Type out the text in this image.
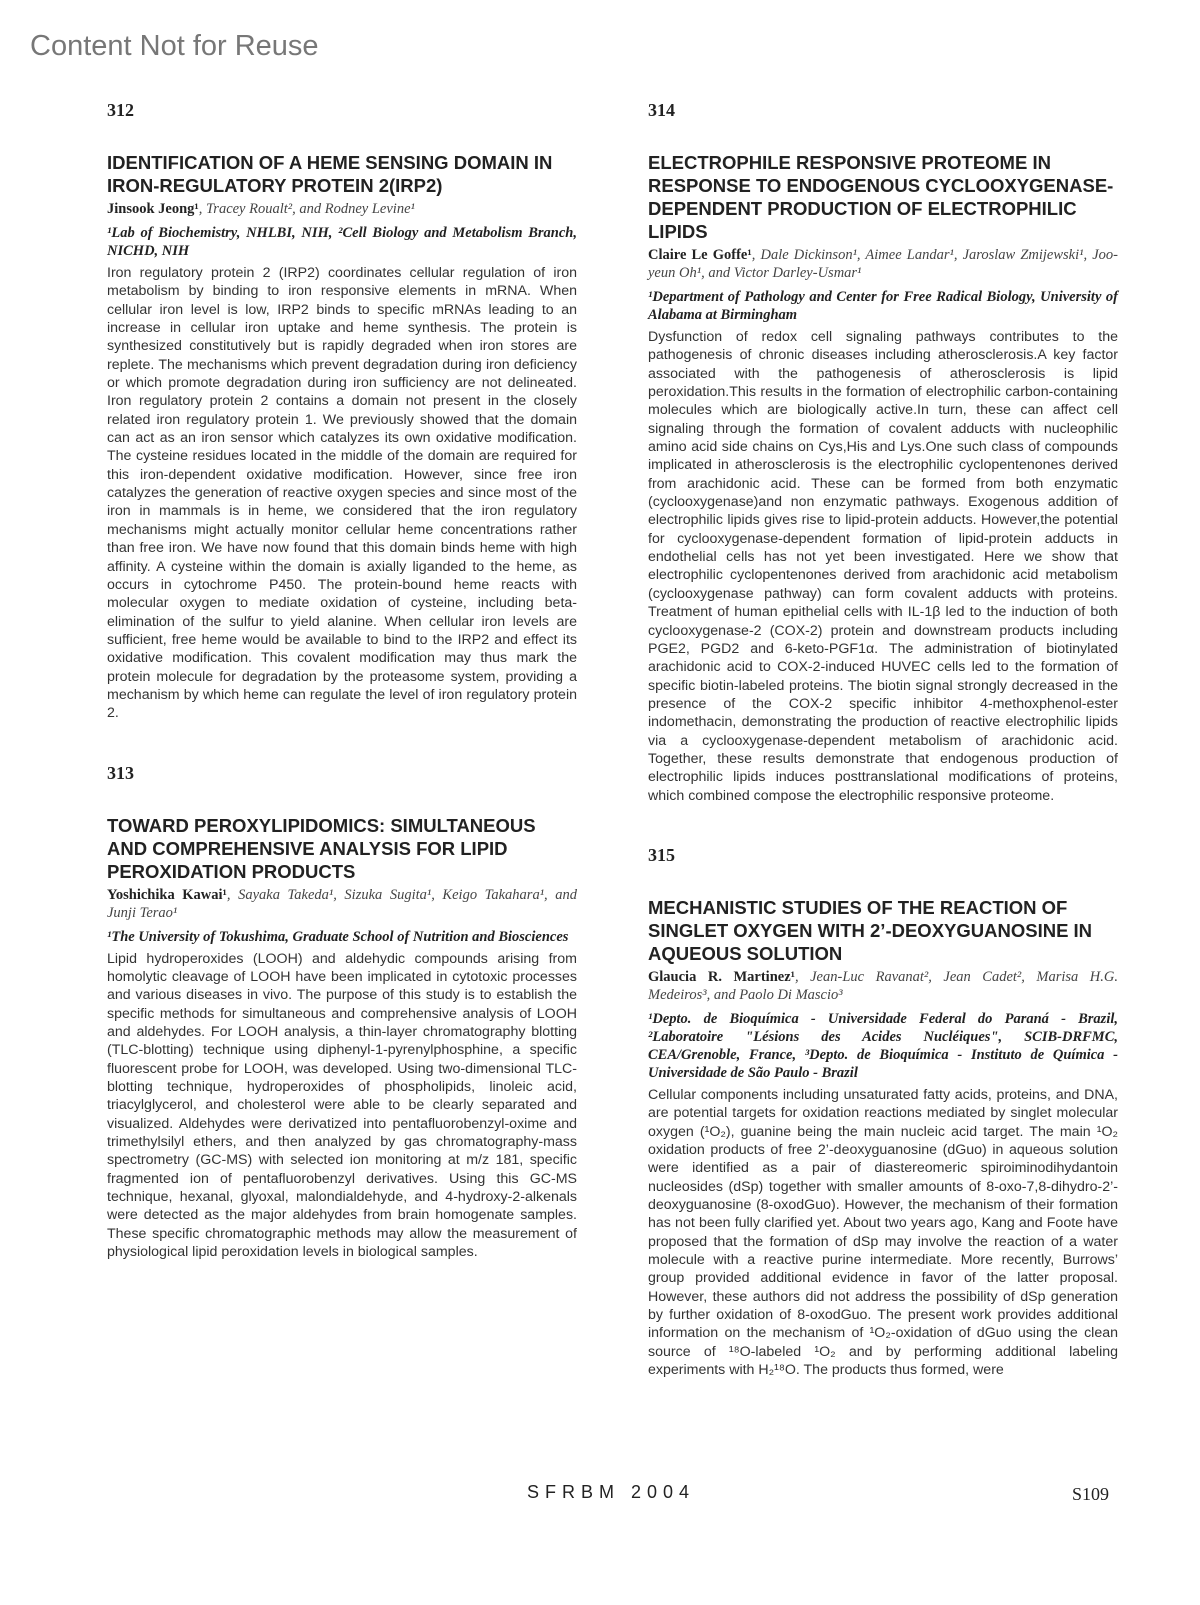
Content Not for Reuse
312
IDENTIFICATION OF A HEME SENSING DOMAIN IN IRON-REGULATORY PROTEIN 2(IRP2)

Jinsook Jeong¹, Tracey Roualt², and Rodney Levine¹

¹Lab of Biochemistry, NHLBI, NIH, ²Cell Biology and Metabolism Branch, NICHD, NIH

Iron regulatory protein 2 (IRP2) coordinates cellular regulation of iron metabolism by binding to iron responsive elements in mRNA. When cellular iron level is low, IRP2 binds to specific mRNAs leading to an increase in cellular iron uptake and heme synthesis. The protein is synthesized constitutively but is rapidly degraded when iron stores are replete. The mechanisms which prevent degradation during iron deficiency or which promote degradation during iron sufficiency are not delineated. Iron regulatory protein 2 contains a domain not present in the closely related iron regulatory protein 1. We previously showed that the domain can act as an iron sensor which catalyzes its own oxidative modification. The cysteine residues located in the middle of the domain are required for this iron-dependent oxidative modification. However, since free iron catalyzes the generation of reactive oxygen species and since most of the iron in mammals is in heme, we considered that the iron regulatory mechanisms might actually monitor cellular heme concentrations rather than free iron. We have now found that this domain binds heme with high affinity. A cysteine within the domain is axially liganded to the heme, as occurs in cytochrome P450. The protein-bound heme reacts with molecular oxygen to mediate oxidation of cysteine, including beta-elimination of the sulfur to yield alanine. When cellular iron levels are sufficient, free heme would be available to bind to the IRP2 and effect its oxidative modification. This covalent modification may thus mark the protein molecule for degradation by the proteasome system, providing a mechanism by which heme can regulate the level of iron regulatory protein 2.

313
TOWARD PEROXYLIPIDOMICS: SIMULTANEOUS AND COMPREHENSIVE ANALYSIS FOR LIPID PEROXIDATION PRODUCTS

Yoshichika Kawai¹, Sayaka Takeda¹, Sizuka Sugita¹, Keigo Takahara¹, and Junji Terao¹

¹The University of Tokushima, Graduate School of Nutrition and Biosciences

Lipid hydroperoxides (LOOH) and aldehydic compounds arising from homolytic cleavage of LOOH have been implicated in cytotoxic processes and various diseases in vivo. The purpose of this study is to establish the specific methods for simultaneous and comprehensive analysis of LOOH and aldehydes. For LOOH analysis, a thin-layer chromatography blotting (TLC-blotting) technique using diphenyl-1-pyrenylphosphine, a specific fluorescent probe for LOOH, was developed. Using two-dimensional TLC-blotting technique, hydroperoxides of phospholipids, linoleic acid, triacylglycerol, and cholesterol were able to be clearly separated and visualized. Aldehydes were derivatized into pentafluorobenzyl-oxime and trimethylsilyl ethers, and then analyzed by gas chromatography-mass spectrometry (GC-MS) with selected ion monitoring at m/z 181, specific fragmented ion of pentafluorobenzyl derivatives. Using this GC-MS technique, hexanal, glyoxal, malondialdehyde, and 4-hydroxy-2-alkenals were detected as the major aldehydes from brain homogenate samples. These specific chromatographic methods may allow the measurement of physiological lipid peroxidation levels in biological samples.

314
ELECTROPHILE RESPONSIVE PROTEOME IN RESPONSE TO ENDOGENOUS CYCLOOXYGENASE-DEPENDENT PRODUCTION OF ELECTROPHILIC LIPIDS

Claire Le Goffe¹, Dale Dickinson¹, Aimee Landar¹, Jaroslaw Zmijewski¹, Joo-yeun Oh¹, and Victor Darley-Usmar¹

¹Department of Pathology and Center for Free Radical Biology, University of Alabama at Birmingham

Dysfunction of redox cell signaling pathways contributes to the pathogenesis of chronic diseases including atherosclerosis.A key factor associated with the pathogenesis of atherosclerosis is lipid peroxidation.This results in the formation of electrophilic carbon-containing molecules which are biologically active.In turn, these can affect cell signaling through the formation of covalent adducts with nucleophilic amino acid side chains on Cys,His and Lys.One such class of compounds implicated in atherosclerosis is the electrophilic cyclopentenones derived from arachidonic acid. These can be formed from both enzymatic (cyclooxygenase)and non enzymatic pathways. Exogenous addition of electrophilic lipids gives rise to lipid-protein adducts. However,the potential for cyclooxygenase-dependent formation of lipid-protein adducts in endothelial cells has not yet been investigated. Here we show that electrophilic cyclopentenones derived from arachidonic acid metabolism (cyclooxygenase pathway) can form covalent adducts with proteins. Treatment of human epithelial cells with IL-1β led to the induction of both cyclooxygenase-2 (COX-2) protein and downstream products including PGE2, PGD2 and 6-keto-PGF1α. The administration of biotinylated arachidonic acid to COX-2-induced HUVEC cells led to the formation of specific biotin-labeled proteins. The biotin signal strongly decreased in the presence of the COX-2 specific inhibitor 4-methoxphenol-ester indomethacin, demonstrating the production of reactive electrophilic lipids via a cyclooxygenase-dependent metabolism of arachidonic acid. Together, these results demonstrate that endogenous production of electrophilic lipids induces posttranslational modifications of proteins, which combined compose the electrophilic responsive proteome.

315
MECHANISTIC STUDIES OF THE REACTION OF SINGLET OXYGEN WITH 2’-DEOXYGUANOSINE IN AQUEOUS SOLUTION

Glaucia R. Martinez¹, Jean-Luc Ravanat², Jean Cadet², Marisa H.G. Medeiros³, and Paolo Di Mascio³

¹Depto. de Bioquímica - Universidade Federal do Paraná - Brazil, ²Laboratoire "Lésions des Acides Nucléiques", SCIB-DRFMC, CEA/Grenoble, France, ³Depto. de Bioquímica - Instituto de Química - Universidade de São Paulo - Brazil

Cellular components including unsaturated fatty acids, proteins, and DNA, are potential targets for oxidation reactions mediated by singlet molecular oxygen (¹O₂), guanine being the main nucleic acid target. The main ¹O₂ oxidation products of free 2’-deoxyguanosine (dGuo) in aqueous solution were identified as a pair of diastereomeric spiroiminodihydantoin nucleosides (dSp) together with smaller amounts of 8-oxo-7,8-dihydro-2’-deoxyguanosine (8-oxodGuo). However, the mechanism of their formation has not been fully clarified yet. About two years ago, Kang and Foote have proposed that the formation of dSp may involve the reaction of a water molecule with a reactive purine intermediate. More recently, Burrows’ group provided additional evidence in favor of the latter proposal. However, these authors did not address the possibility of dSp generation by further oxidation of 8-oxodGuo. The present work provides additional information on the mechanism of ¹O₂-oxidation of dGuo using the clean source of ¹⁸O-labeled ¹O₂ and by performing additional labeling experiments with H₂¹⁸O. The products thus formed, were

SFRBM 2004	S109
